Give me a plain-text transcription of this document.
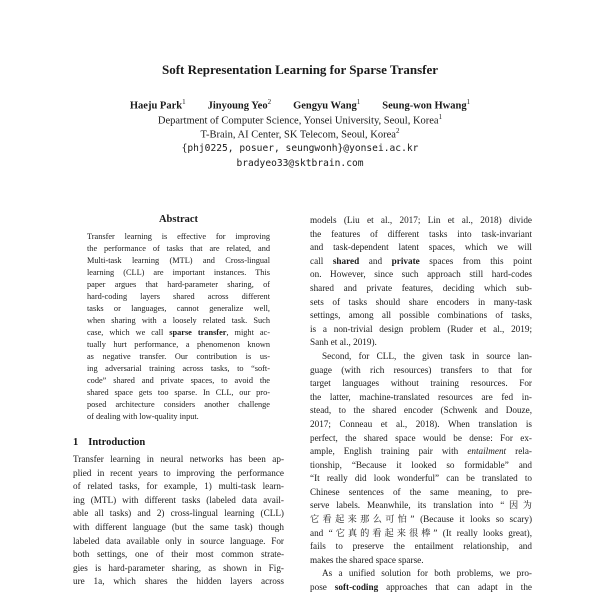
Soft Representation Learning for Sparse Transfer
Haeju Park$^1$ Jinyoung Yeo$^2$ Gengyu Wang$^1$ Seung-won Hwang$^1$
Department of Computer Science, Yonsei University, Seoul, Korea$^1$
T-Brain, AI Center, SK Telecom, Seoul, Korea$^2$
{phj0225, posuer, seungwonh}@yonsei.ac.kr
bradyeo33@sktbrain.com
Abstract
Transfer learning is effective for improving
the performance of tasks that are related, and
Multi-task learning (MTL) and Cross-lingual
learning (CLL) are important instances. This
paper argues that hard-parameter sharing, of
hard-coding layers shared across different
tasks or languages, cannot generalize well,
when sharing with a loosely related task. Such
case, which we call sparse transfer, might ac-
tually hurt performance, a phenomenon known
as negative transfer. Our contribution is us-
ing adversarial training across tasks, to “soft-
code” shared and private spaces, to avoid the
shared space gets too sparse. In CLL, our pro-
posed architecture considers another challenge
of dealing with low-quality input.
1 Introduction
Transfer learning in neural networks has been ap-
plied in recent years to improving the performance
of related tasks, for example, 1) multi-task learn-
ing (MTL) with different tasks (labeled data avail-
able all tasks) and 2) cross-lingual learning (CLL)
with different language (but the same task) though
labeled data available only in source language. For
both settings, one of their most common strate-
gies is hard-parameter sharing, as shown in Fig-
ure 1a, which shares the hidden layers across
models (Liu et al., 2017; Lin et al., 2018) divide
the features of different tasks into task-invariant
and task-dependent latent spaces, which we will
call shared and private spaces from this point
on. However, since such approach still hard-codes
shared and private features, deciding which sub-
sets of tasks should share encoders in many-task
settings, among all possible combinations of tasks,
is a non-trivial design problem (Ruder et al., 2019;
Sanh et al., 2019).
Second, for CLL, the given task in source lan-
guage (with rich resources) transfers to that for
target languages without training resources. For
the latter, machine-translated resources are fed in-
stead, to the shared encoder (Schwenk and Douze,
2017; Conneau et al., 2018). When translation is
perfect, the shared space would be dense: For ex-
ample, English training pair with entailment rela-
tionship, “Because it looked so formidable” and
“It really did look wonderful” can be translated to
Chinese sentences of the same meaning, to pre-
serve labels. Meanwhile, its translation into “因为
它看起来那么可怕” (Because it looks so scary)
and “它真的看起来很棒” (It really looks great),
fails to preserve the entailment relationship, and
makes the shared space sparse.
As a unified solution for both problems, we pro-
pose soft-coding approaches that can adapt in the
